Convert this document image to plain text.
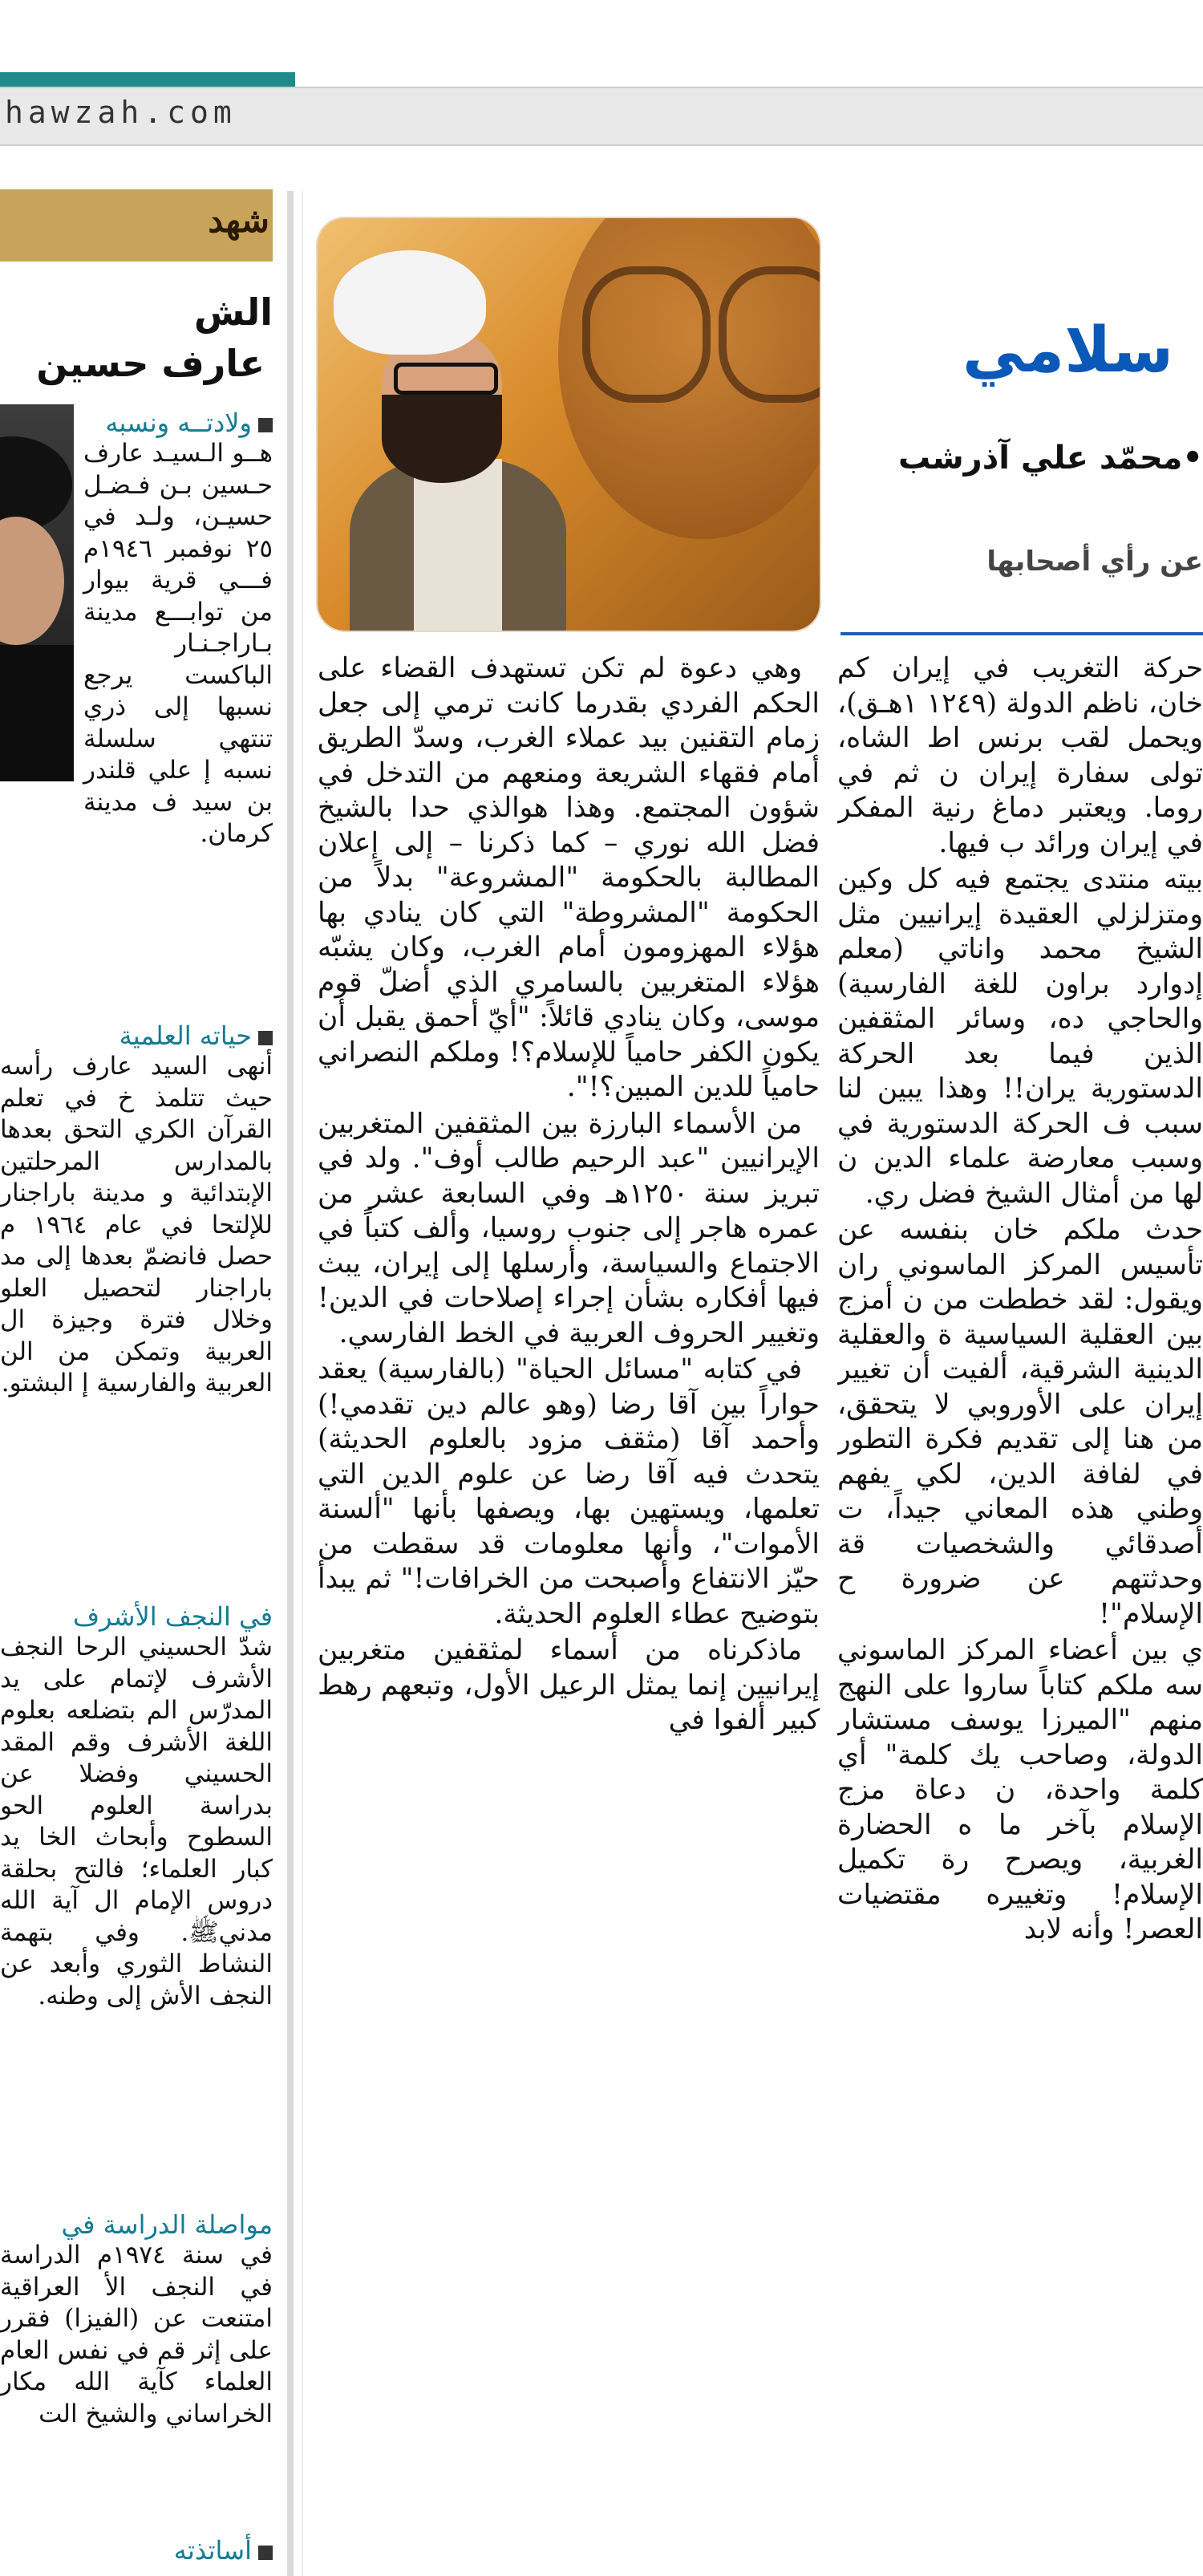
hawzah.com
شهد
الش
عارف حسين
ولادتــه ونسبه
هــو الـسيـد عارف حـسين بـن فـضـل حسيـن، ولـد في ٢٥ نوفمبر ١٩٤٦م فـــي قرية بيوار من توابـــع مدينة بـاراجـنـار الباكست يرجع نسبها إلى ذري تنتهي سلسلة نسبه إ علي قلندر بن سيد ف مدينة كرمان.
حياته العلمية
أنهى السيد عارف رأسه حيث تتلمذ خ في تعلم القرآن الكري التحق بعدها بالمدارس المرحلتين الإبتدائية و مدينة باراجنار للإلتحا في عام ١٩٦٤ م حصل فانضمّ بعدها إلى مد باراجنار لتحصيل العلو وخلال فترة وجيزة ال العربية وتمكن من الن العربية والفارسية إ البشتو.
في النجف الأشرف
شدّ الحسيني الرحا النجف الأشرف لإتمام على يد المدرّس الم بتضلعه بعلوم اللغة الأشرف وقم المقد الحسيني وفضلا عن بدراسة العلوم الحو السطوح وأبحاث الخا يد كبار العلماء؛ فالتح بحلقة دروس الإمام ال آية الله مدنيﷺ. وفي بتهمة النشاط الثوري وأبعد عن النجف الأش إلى وطنه.
مواصلة الدراسة في
في سنة ١٩٧٤م الدراسة في النجف الأ العراقية امتنعت عن (الفيزا) فقرر على إثر قم في نفس العام العلماء كآية الله مكار الخراساني والشيخ الت
أساتذته

وهي دعوة لم تكن تستهدف القضاء على الحكم الفردي بقدرما كانت ترمي إلى جعل زمام التقنين بيد عملاء الغرب، وسدّ الطريق أمام فقهاء الشريعة ومنعهم من التدخل في شؤون المجتمع. وهذا هوالذي حدا بالشيخ فضل الله نوري – كما ذكرنا – إلى إعلان المطالبة بالحكومة "المشروعة" بدلاً من الحكومة "المشروطة" التي كان ينادي بها هؤلاء المهزومون أمام الغرب، وكان يشبّه هؤلاء المتغربين بالسامري الذي أضلّ قوم موسى، وكان ينادي قائلاً: "أيّ أحمق يقبل أن يكون الكفر حامياً للإسلام؟! وملكم النصراني حامياً للدين المبين؟!".

من الأسماء البارزة بين المثقفين المتغربين الإيرانيين "عبد الرحيم طالب أوف". ولد في تبريز سنة ١٢٥٠هـ وفي السابعة عشر من عمره هاجر إلى جنوب روسيا، وألف كتباً في الاجتماع والسياسة، وأرسلها إلى إيران، يبث فيها أفكاره بشأن إجراء إصلاحات في الدين! وتغيير الحروف العربية في الخط الفارسي.

في كتابه "مسائل الحياة" (بالفارسية) يعقد حواراً بين آقا رضا (وهو عالم دين تقدمي!) وأحمد آقا (مثقف مزود بالعلوم الحديثة) يتحدث فيه آقا رضا عن علوم الدين التي تعلمها، ويستهين بها، ويصفها بأنها "ألسنة الأموات"، وأنها معلومات قد سقطت من حيّز الانتفاع وأصبحت من الخرافات!" ثم يبدأ بتوضيح عطاء العلوم الحديثة.

ماذكرناه من أسماء لمثقفين متغربين إيرانيين إنما يمثل الرعيل الأول، وتبعهم رهط كبير ألفوا في

سلامي
•محمّد علي آذرشب
عن رأي أصحابها

حركة التغريب في إيران كم خان، ناظم الدولة (١٢٤٩ ١هـق)، ويحمل لقب برنس اط الشاه، تولى سفارة إيران ن ثم في روما. ويعتبر دماغ رنية المفكر في إيران ورائد ب فيها.

بيته منتدى يجتمع فيه كل وكين ومتزلزلي العقيدة إيرانيين مثل الشيخ محمد واناتي (معلم إدوارد براون للغة الفارسية) والحاجي ده، وسائر المثقفين الذين فيما بعد الحركة الدستورية يران!! وهذا يبين لنا سبب ف الحركة الدستورية في وسبب معارضة علماء الدين ن لها من أمثال الشيخ فضل ري.

حدث ملكم خان بنفسه عن تأسيس المركز الماسوني ران ويقول: لقد خططت من ن أمزج بين العقلية السياسية ة والعقلية الدينية الشرقية، ألفيت أن تغيير إيران على الأوروبي لا يتحقق، من هنا إلى تقديم فكرة التطور في لفافة الدين، لكي يفهم وطني هذه المعاني جيداً، ت أصدقائي والشخصيات قة وحدثتهم عن ضرورة ح الإسلام"!

ي بين أعضاء المركز الماسوني سه ملكم كتاباً ساروا على النهج منهم "الميرزا يوسف مستشار الدولة، وصاحب يك كلمة" أي كلمة واحدة، ن دعاة مزج الإسلام بآخر ما ه الحضارة الغربية، ويصرح رة تكميل الإسلام! وتغييره مقتضيات العصر! وأنه لابد
